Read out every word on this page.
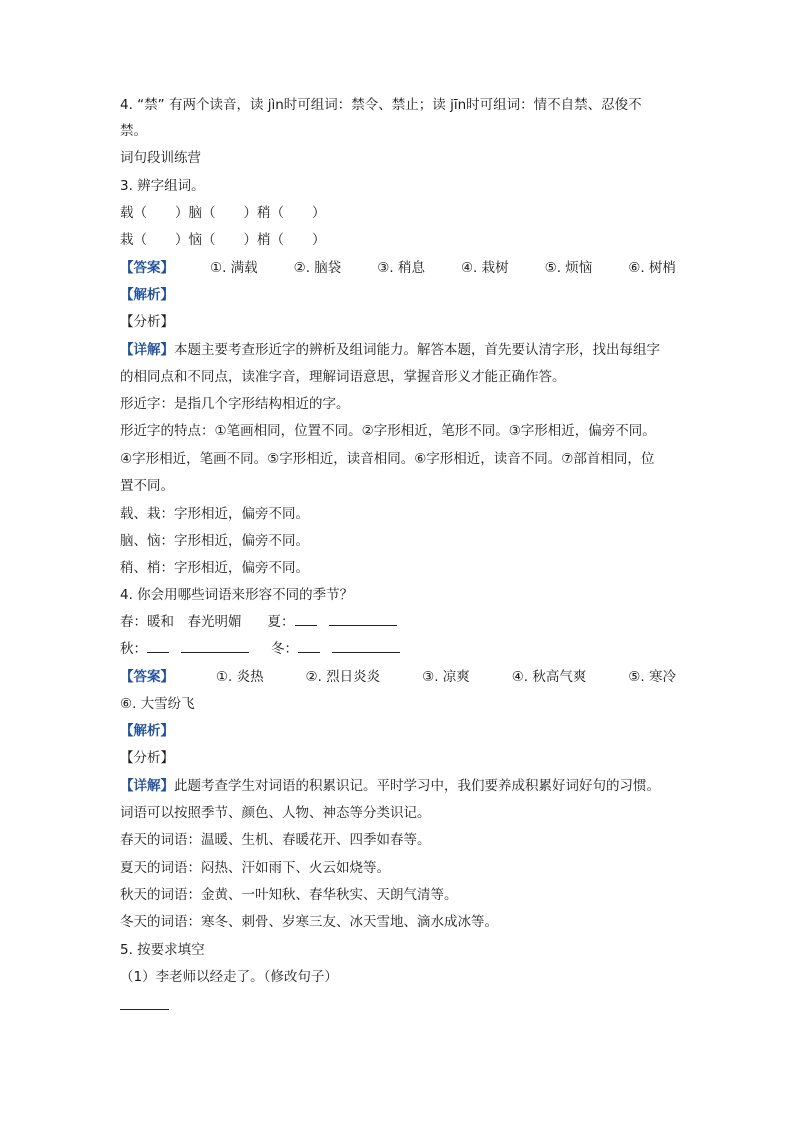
4. “禁” 有两个读音，读 jìn时可组词：禁令、禁止；读 jīn时可组词：情不自禁、忍俊不
禁。
词句段训练营
3. 辨字组词。
载（ ）脑（ ）稍（ ）
栽（ ）恼（ ）梢（ ）
【答案】	①. 满载	②. 脑袋	③. 稍息	④. 栽树	⑤. 烦恼	⑥. 树梢
【解析】
【分析】
【详解】本题主要考查形近字的辨析及组词能力。解答本题，首先要认清字形，找出每组字
的相同点和不同点，读准字音，理解词语意思，掌握音形义才能正确作答。
形近字：是指几个字形结构相近的字。
形近字的特点：①笔画相同，位置不同。②字形相近，笔形不同。③字形相近，偏旁不同。
④字形相近，笔画不同。⑤字形相近，读音相同。⑥字形相近，读音不同。⑦部首相同，位
置不同。
载、栽：字形相近，偏旁不同。
脑、恼：字形相近，偏旁不同。
稍、梢：字形相近，偏旁不同。
4. 你会用哪些词语来形容不同的季节？
春：暖和　春光明媚 夏：
秋：	冬：
【答案】	①. 炎热	②. 烈日炎炎	③. 凉爽	④. 秋高气爽	⑤. 寒冷
⑥. 大雪纷飞
【解析】
【分析】
【详解】此题考查学生对词语的积累识记。平时学习中，我们要养成积累好词好句的习惯。
词语可以按照季节、颜色、人物、神态等分类识记。
春天的词语：温暖、生机、春暖花开、四季如春等。
夏天的词语：闷热、汗如雨下、火云如烧等。
秋天的词语：金黄、一叶知秋、春华秋实、天朗气清等。
冬天的词语：寒冬、刺骨、岁寒三友、冰天雪地、滴水成冰等。
5. 按要求填空
（1）李老师以经走了。（修改句子）
